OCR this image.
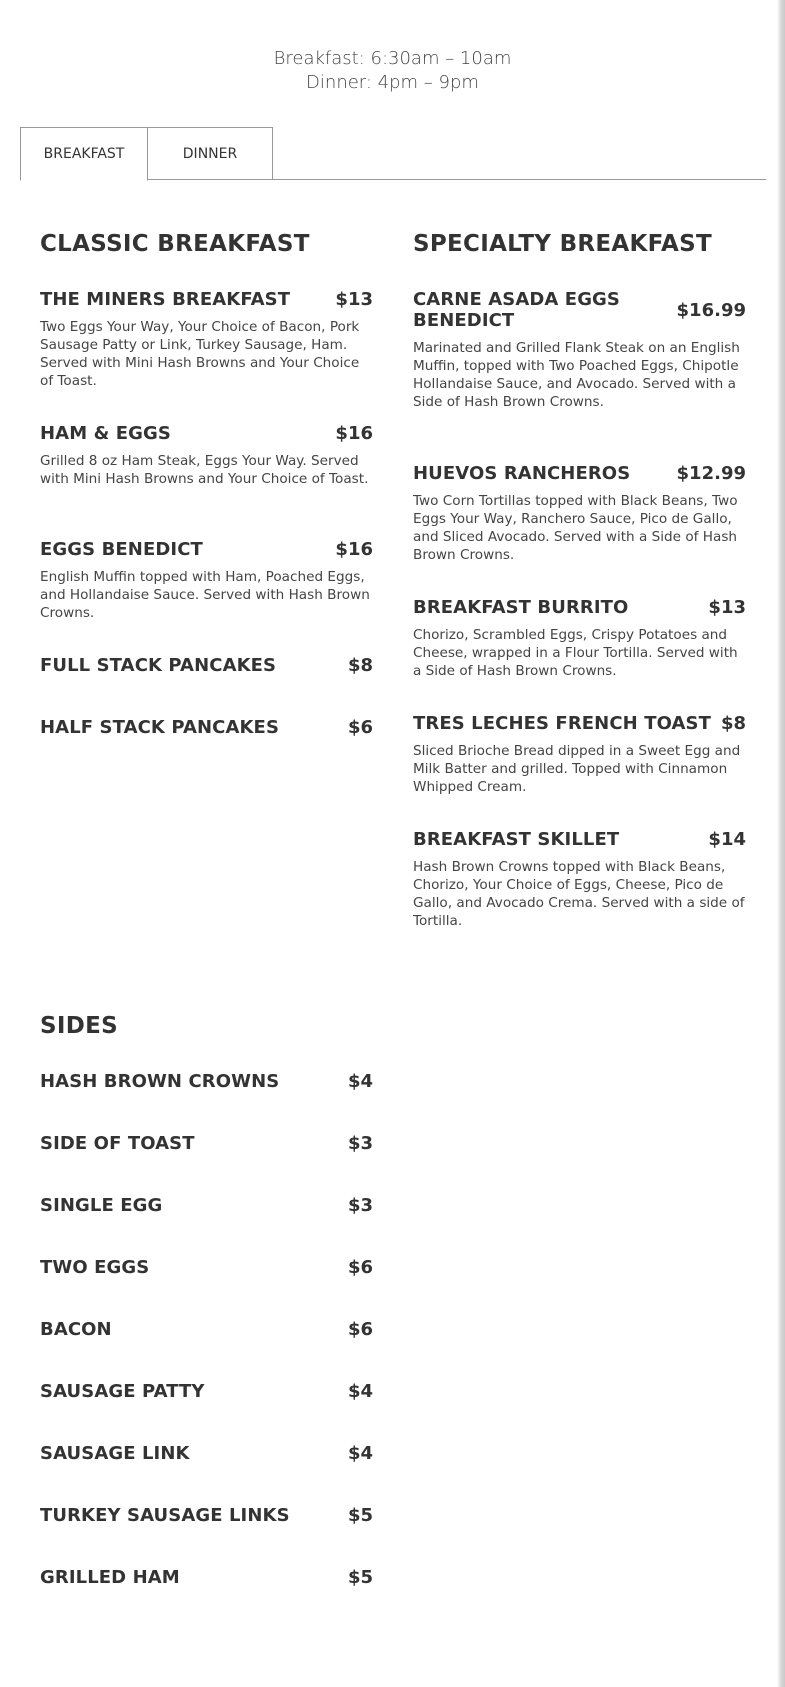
Breakfast: 6:30am – 10am
Dinner: 4pm – 9pm
BREAKFAST	DINNER
CLASSIC BREAKFAST
THE MINERS BREAKFAST	$13
Two Eggs Your Way, Your Choice of Bacon, Pork Sausage Patty or Link, Turkey Sausage, Ham. Served with Mini Hash Browns and Your Choice of Toast.
HAM & EGGS	$16
Grilled 8 oz Ham Steak, Eggs Your Way. Served with Mini Hash Browns and Your Choice of Toast.
EGGS BENEDICT	$16
English Muffin topped with Ham, Poached Eggs, and Hollandaise Sauce. Served with Hash Brown Crowns.
FULL STACK PANCAKES	$8
HALF STACK PANCAKES	$6
SPECIALTY BREAKFAST
CARNE ASADA EGGS BENEDICT	$16.99
Marinated and Grilled Flank Steak on an English Muffin, topped with Two Poached Eggs, Chipotle Hollandaise Sauce, and Avocado. Served with a Side of Hash Brown Crowns.
HUEVOS RANCHEROS	$12.99
Two Corn Tortillas topped with Black Beans, Two Eggs Your Way, Ranchero Sauce, Pico de Gallo, and Sliced Avocado. Served with a Side of Hash Brown Crowns.
BREAKFAST BURRITO	$13
Chorizo, Scrambled Eggs, Crispy Potatoes and Cheese, wrapped in a Flour Tortilla. Served with a Side of Hash Brown Crowns.
TRES LECHES FRENCH TOAST $8
Sliced Brioche Bread dipped in a Sweet Egg and Milk Batter and grilled. Topped with Cinnamon Whipped Cream.
BREAKFAST SKILLET	$14
Hash Brown Crowns topped with Black Beans, Chorizo, Your Choice of Eggs, Cheese, Pico de Gallo, and Avocado Crema. Served with a side of Tortilla.
SIDES
HASH BROWN CROWNS	$4
SIDE OF TOAST	$3
SINGLE EGG	$3
TWO EGGS	$6
BACON	$6
SAUSAGE PATTY	$4
SAUSAGE LINK	$4
TURKEY SAUSAGE LINKS	$5
GRILLED HAM	$5
